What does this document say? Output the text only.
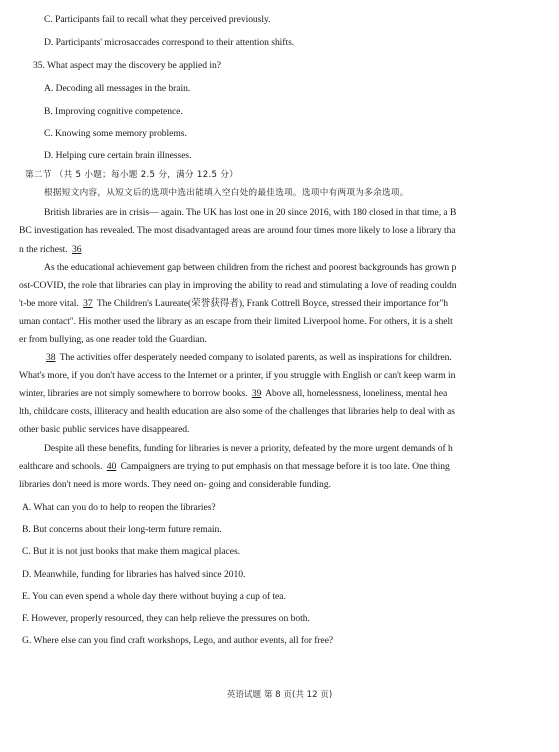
C. Participants fail to recall what they perceived previously.
D. Participants' microsaccades correspond to their attention shifts.
35. What aspect may the discovery be applied in?
A. Decoding all messages in the brain.
B. Improving cognitive competence.
C. Knowing some memory problems.
D. Helping cure certain brain illnesses.
第二节 （共 5 小题；每小题 2.5 分，满分 12.5 分）
根据短文内容，从短文后的选项中选出能填入空白处的最佳选项。选项中有两项为多余选项。
British libraries are in crisis— again. The UK has lost one in 20 since 2016, with 180 closed in that time, a B
BC investigation has revealed. The most disadvantaged areas are around four times more likely to lose a library tha
n the richest. 36
As the educational achievement gap between children from the richest and poorest backgrounds has grown p
ost-COVID, the role that libraries can play in improving the ability to read and stimulating a love of reading couldn
't-be more vital. 37 The Children's Laureate(荣誉获得者), Frank Cottrell Boyce, stressed their importance for"h
uman contact". His mother used the library as an escape from their limited Liverpool home. For others, it is a shelt
er from bullying, as one reader told the Guardian.
38 The activities offer desperately needed company to isolated parents, as well as inspirations for children.
What's more, if you don't have access to the Internet or a printer, if you struggle with English or can't keep warm in
winter, libraries are not simply somewhere to borrow books. 39 Above all, homelessness, loneliness, mental hea
lth, childcare costs, illiteracy and health education are also some of the challenges that libraries help to deal with as
other basic public services have disappeared.
Despite all these benefits, funding for libraries is never a priority, defeated by the more urgent demands of h
ealthcare and schools. 40 Campaigners are trying to put emphasis on that message before it is too late. One thing
libraries don't need is more words. They need on- going and considerable funding.
A. What can you do to help to reopen the libraries?
B. But concerns about their long-term future remain.
C. But it is not just books that make them magical places.
D. Meanwhile, funding for libraries has halved since 2010.
E. You can even spend a whole day there without buying a cup of tea.
F. However, properly resourced, they can help relieve the pressures on both.
G. Where else can you find craft workshops, Lego, and author events, all for free?
英语试题 第 8 页(共 12 页)
